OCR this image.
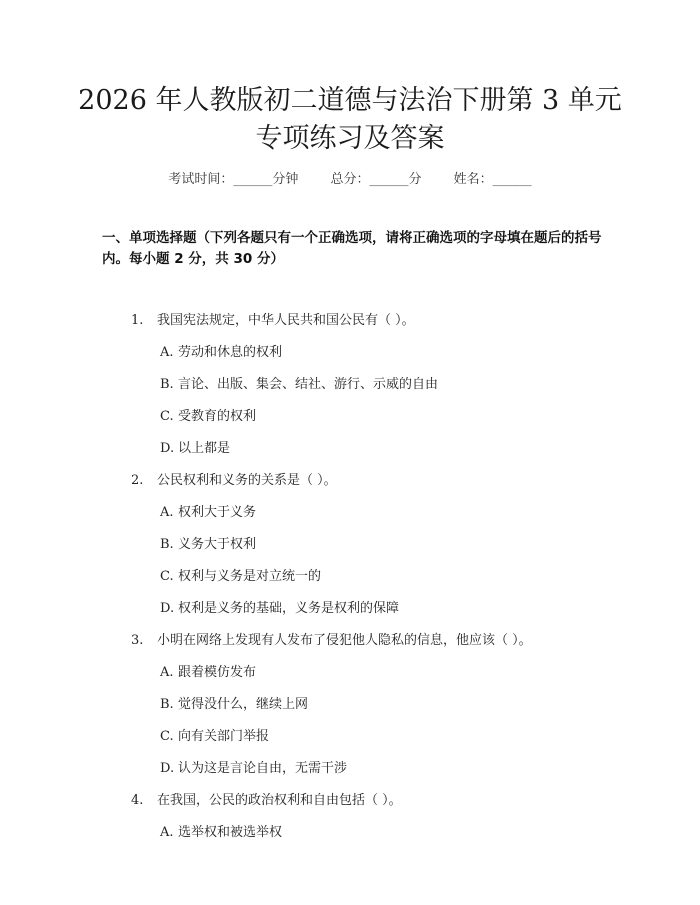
2026 年人教版初二道德与法治下册第 3 单元
专项练习及答案
考试时间：______分钟 总分：______分 姓名：______
一、单项选择题（下列各题只有一个正确选项，请将正确选项的字母填在题后的括号内。每小题 2 分，共 30 分）
1. 我国宪法规定，中华人民共和国公民有（ ）。
A. 劳动和休息的权利
B. 言论、出版、集会、结社、游行、示威的自由
C. 受教育的权利
D. 以上都是
2. 公民权利和义务的关系是（ ）。
A. 权利大于义务
B. 义务大于权利
C. 权利与义务是对立统一的
D. 权利是义务的基础，义务是权利的保障
3. 小明在网络上发现有人发布了侵犯他人隐私的信息，他应该（ ）。
A. 跟着模仿发布
B. 觉得没什么，继续上网
C. 向有关部门举报
D. 认为这是言论自由，无需干涉
4. 在我国，公民的政治权利和自由包括（ ）。
A. 选举权和被选举权
